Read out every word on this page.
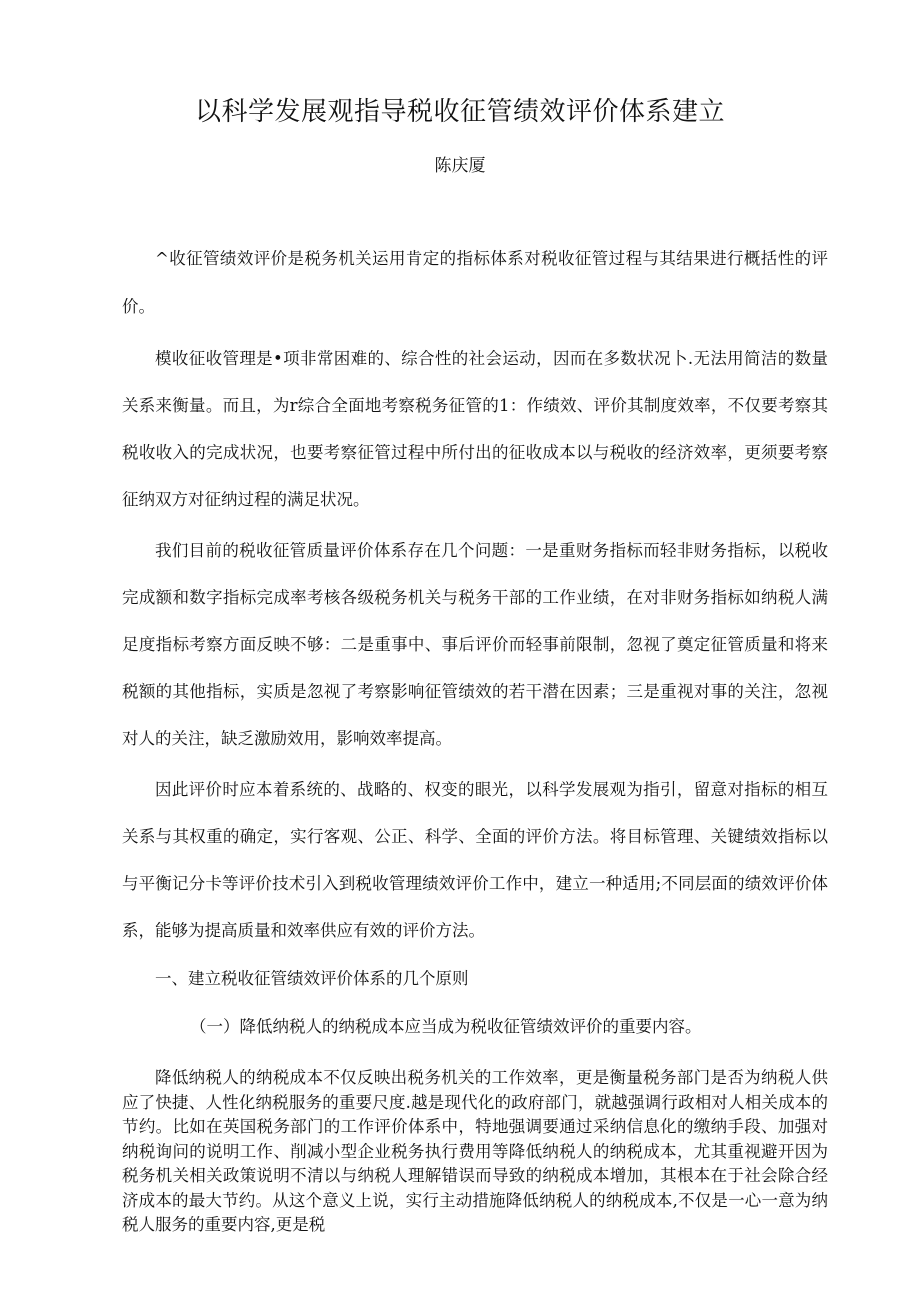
以科学发展观指导税收征管绩效评价体系建立
陈庆厦

^收征管绩效评价是税务机关运用肯定的指标体系对税收征管过程与其结果进行概括性的评价。

模收征收管理是•项非常困难的、综合性的社会运动，因而在多数状况卜.无法用简洁的数量关系来衡量。而且，为r综合全面地考察税务征管的1：作绩效、评价其制度效率，不仅要考察其税收收入的完成状况，也要考察征管过程中所付出的征收成本以与税收的经济效率，更须要考察征纳双方对征纳过程的满足状况。

我们目前的税收征管质量评价体系存在几个问题：一是重财务指标而轻非财务指标，以税收完成额和数字指标完成率考核各级税务机关与税务干部的工作业绩，在对非财务指标如纳税人满足度指标考察方面反映不够：二是重事中、事后评价而轻事前限制，忽视了奠定征管质量和将来税额的其他指标，实质是忽视了考察影响征管绩效的若干潜在因素；三是重视对事的关注，忽视对人的关注，缺乏激励效用，影响效率提高。

因此评价时应本着系统的、战略的、权变的眼光，以科学发展观为指引，留意对指标的相互关系与其权重的确定，实行客观、公正、科学、全面的评价方法。将目标管理、关键绩效指标以与平衡记分卡等评价技术引入到税收管理绩效评价工作中，建立一种适用;不同层面的绩效评价体系，能够为提高质量和效率供应有效的评价方法。

一、建立税收征管绩效评价体系的几个原则
（一）降低纳税人的纳税成本应当成为税收征管绩效评价的重要内容。

降低纳税人的纳税成本不仅反映出税务机关的工作效率，更是衡量税务部门是否为纳税人供应了快捷、人性化纳税服务的重要尺度.越是现代化的政府部门，就越强调行政相对人相关成本的节约。比如在英国税务部门的工作评价体系中，特地强调要通过采纳信息化的缴纳手段、加强对纳税询问的说明工作、削减小型企业税务执行费用等降低纳税人的纳税成本，尤其重视避开因为税务机关相关政策说明不清以与纳税人理解错误而导致的纳税成本增加，其根本在于社会除合经济成本的最大节约。从这个意义上说，实行主动措施降低纳税人的纳税成本,不仅是一心一意为纳税人服务的重要内容,更是税
